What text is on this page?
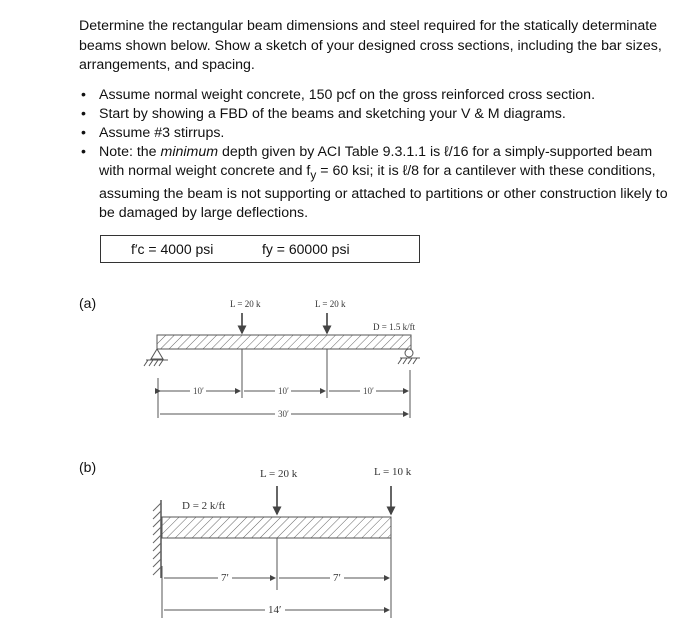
Determine the rectangular beam dimensions and steel required for the statically determinate beams shown below. Show a sketch of your designed cross sections, including the bar sizes, arrangements, and spacing.
• Assume normal weight concrete, 150 pcf on the gross reinforced cross section.
• Start by showing a FBD of the beams and sketching your V & M diagrams.
• Assume #3 stirrups.
• Note: the minimum depth given by ACI Table 9.3.1.1 is ℓ/16 for a simply-supported beam with normal weight concrete and $f_y = 60$ ksi; it is ℓ/8 for a cantilever with these conditions, assuming the beam is not supporting or attached to partitions or other construction likely to be damaged by large deflections.
f′c = 4000 psi	fy = 60000 psi
(a)
(b)
L = 20 k	L = 20 k
D = 1.5 k/ft
10′	10′	10′
30′
L = 20 k	L = 10 k
D = 2 k/ft
7′	7′
14′
